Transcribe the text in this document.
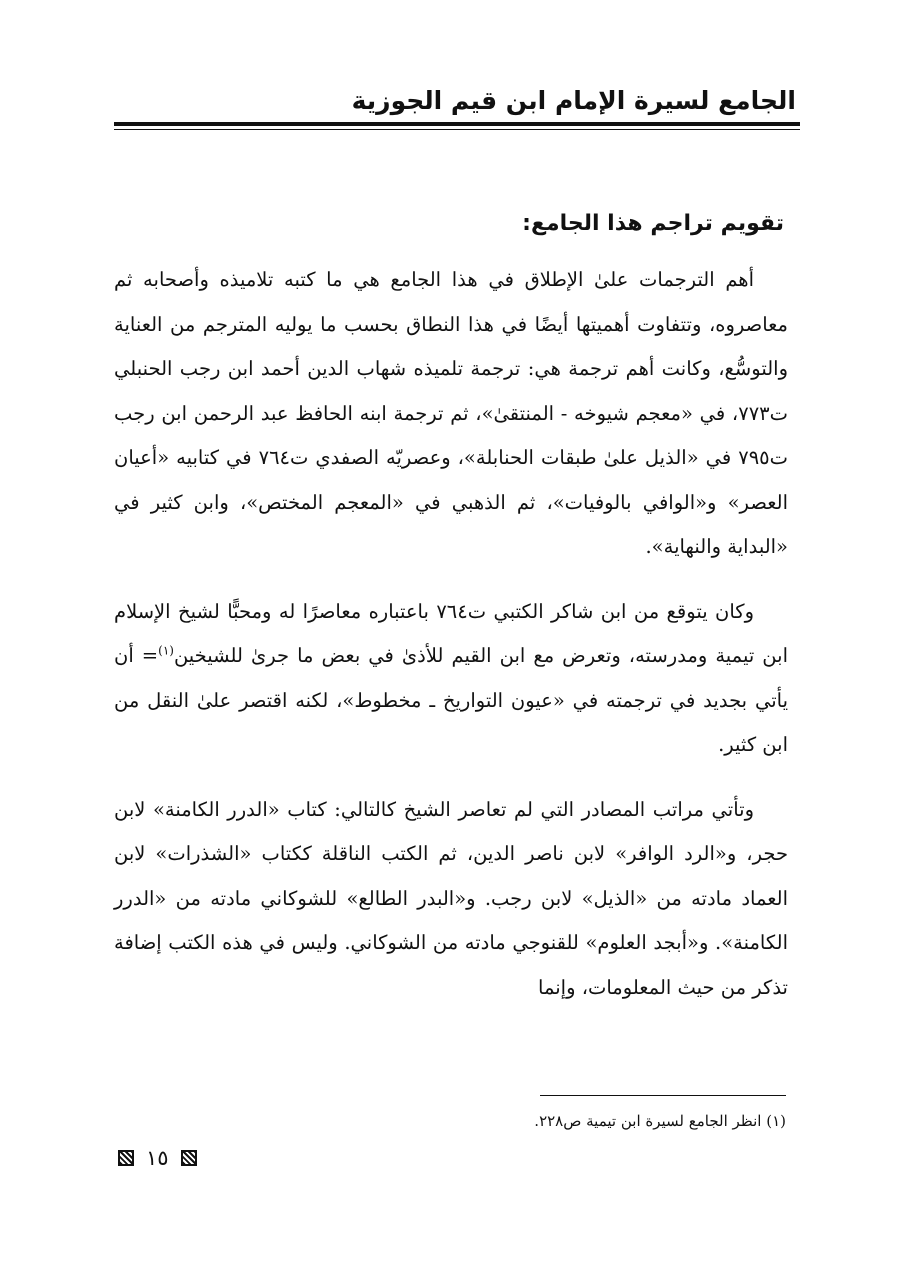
الجامع لسيرة الإمام ابن قيم الجوزية
تقويم تراجم هذا الجامع:

أهم الترجمات علىٰ الإطلاق في هذا الجامع هي ما كتبه تلاميذه وأصحابه ثم معاصروه، وتتفاوت أهميتها أيضًا في هذا النطاق بحسب ما يوليه المترجم من العناية والتوسُّع، وكانت أهم ترجمة هي: ترجمة تلميذه شهاب الدين أحمد ابن رجب الحنبلي ت٧٧٣، في «معجم شيوخه - المنتقىٰ»، ثم ترجمة ابنه الحافظ عبد الرحمن ابن رجب ت٧٩٥ في «الذيل علىٰ طبقات الحنابلة»، وعصريّه الصفدي ت٧٦٤ في كتابيه «أعيان العصر» و«الوافي بالوفيات»، ثم الذهبي في «المعجم المختص»، وابن كثير في «البداية والنهاية».

وكان يتوقع من ابن شاكر الكتبي ت٧٦٤ باعتباره معاصرًا له ومحبًّا لشيخ الإسلام ابن تيمية ومدرسته، وتعرض مع ابن القيم للأذىٰ في بعض ما جرىٰ للشيخين$^{(١)}$= أن يأتي بجديد في ترجمته في «عيون التواريخ ـ مخطوط»، لكنه اقتصر علىٰ النقل من ابن كثير.

وتأتي مراتب المصادر التي لم تعاصر الشيخ كالتالي: كتاب «الدرر الكامنة» لابن حجر، و«الرد الوافر» لابن ناصر الدين، ثم الكتب الناقلة ككتاب «الشذرات» لابن العماد مادته من «الذيل» لابن رجب. و«البدر الطالع» للشوكاني مادته من «الدرر الكامنة». و«أبجد العلوم» للقنوجي مادته من الشوكاني. وليس في هذه الكتب إضافة تذكر من حيث المعلومات، وإنما

(١) انظر الجامع لسيرة ابن تيمية ص٢٢٨.
١٥
